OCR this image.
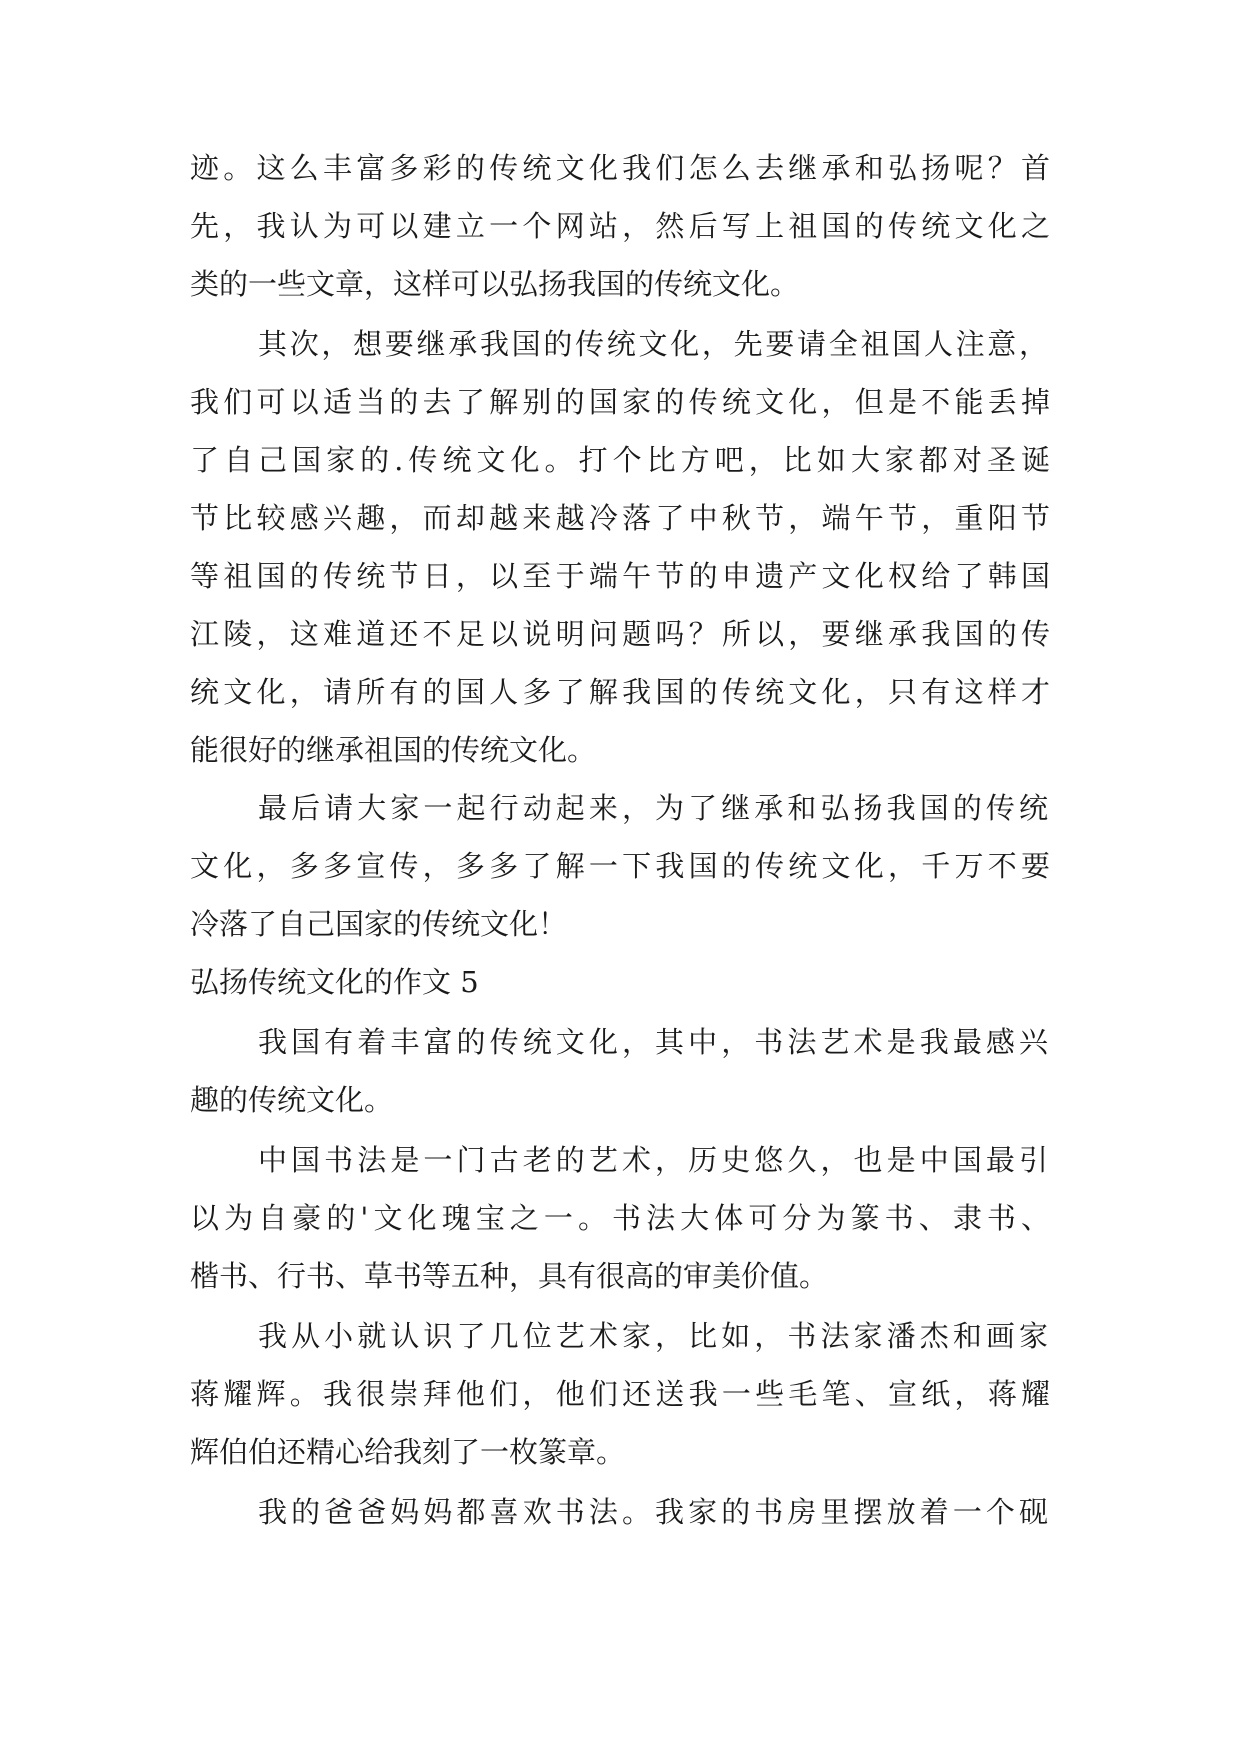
迹。这么丰富多彩的传统文化我们怎么去继承和弘扬呢？首
先，我认为可以建立一个网站，然后写上祖国的传统文化之
类的一些文章，这样可以弘扬我国的传统文化。
其次，想要继承我国的传统文化，先要请全祖国人注意，
我们可以适当的去了解别的国家的传统文化，但是不能丢掉
了自己国家的.传统文化。打个比方吧，比如大家都对圣诞
节比较感兴趣，而却越来越冷落了中秋节，端午节，重阳节
等祖国的传统节日，以至于端午节的申遗产文化权给了韩国
江陵，这难道还不足以说明问题吗？所以，要继承我国的传
统文化，请所有的国人多了解我国的传统文化，只有这样才
能很好的继承祖国的传统文化。
最后请大家一起行动起来，为了继承和弘扬我国的传统
文化，多多宣传，多多了解一下我国的传统文化，千万不要
冷落了自己国家的传统文化！
弘扬传统文化的作文 5
我国有着丰富的传统文化，其中，书法艺术是我最感兴
趣的传统文化。
中国书法是一门古老的艺术，历史悠久，也是中国最引
以为自豪的'文化瑰宝之一。书法大体可分为篆书、隶书、
楷书、行书、草书等五种，具有很高的审美价值。
我从小就认识了几位艺术家，比如，书法家潘杰和画家
蒋耀辉。我很崇拜他们，他们还送我一些毛笔、宣纸，蒋耀
辉伯伯还精心给我刻了一枚篆章。
我的爸爸妈妈都喜欢书法。我家的书房里摆放着一个砚
